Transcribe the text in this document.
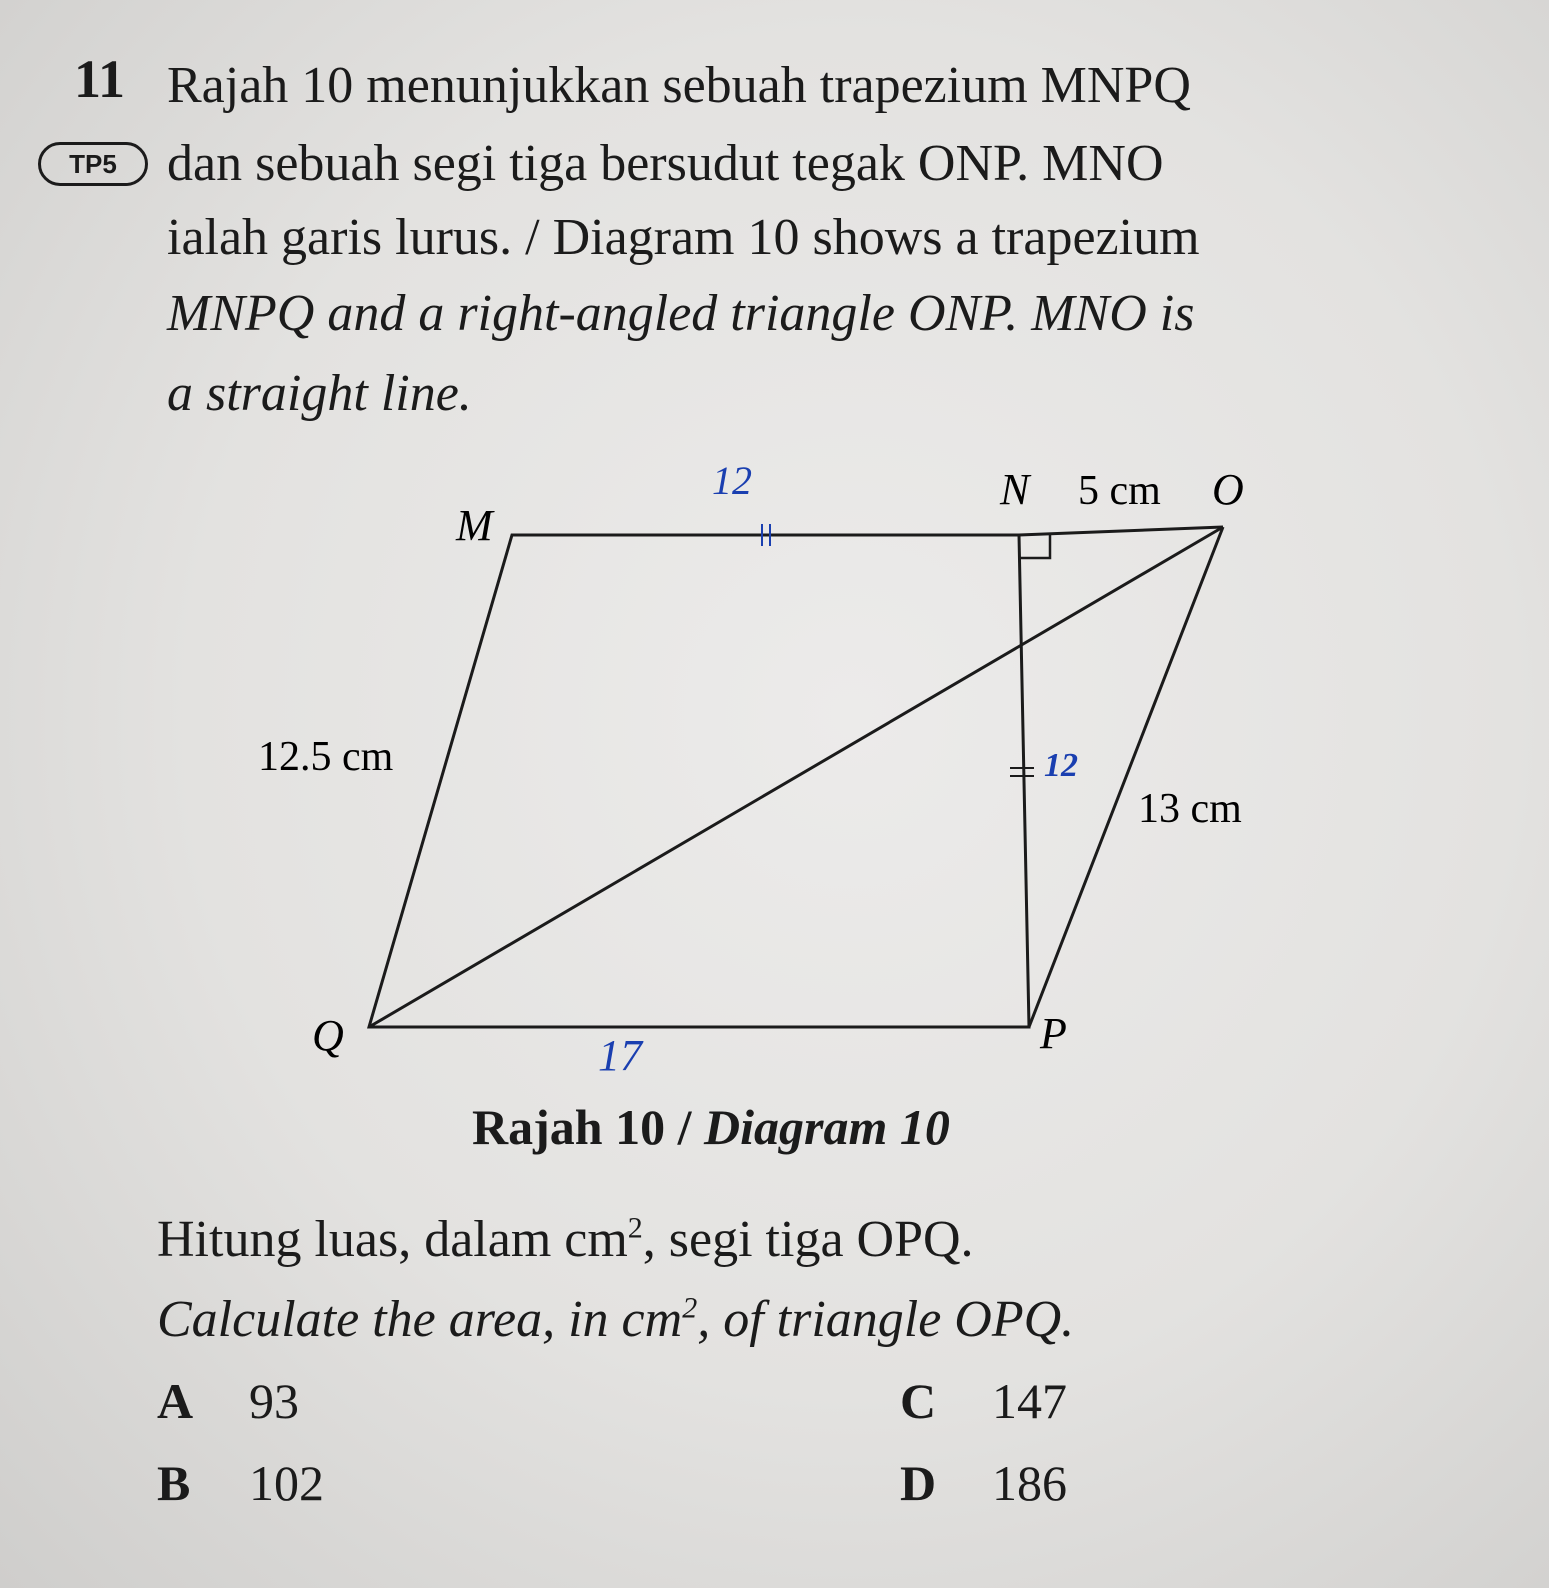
11
TP5
Rajah 10 menunjukkan sebuah trapezium MNPQ
dan sebuah segi tiga bersudut tegak ONP. MNO
ialah garis lurus. / Diagram 10 shows a trapezium
MNPQ and a right-angled triangle ONP. MNO is
a straight line.
M
N	O
P
Q
5 cm
12.5 cm
13 cm
12
12
17
Rajah 10 / Diagram 10
Hitung luas, dalam $cm^2$, segi tiga OPQ.
Calculate the area, in $cm^2$, of triangle OPQ.
A 93
B 102
C 147
D 186
